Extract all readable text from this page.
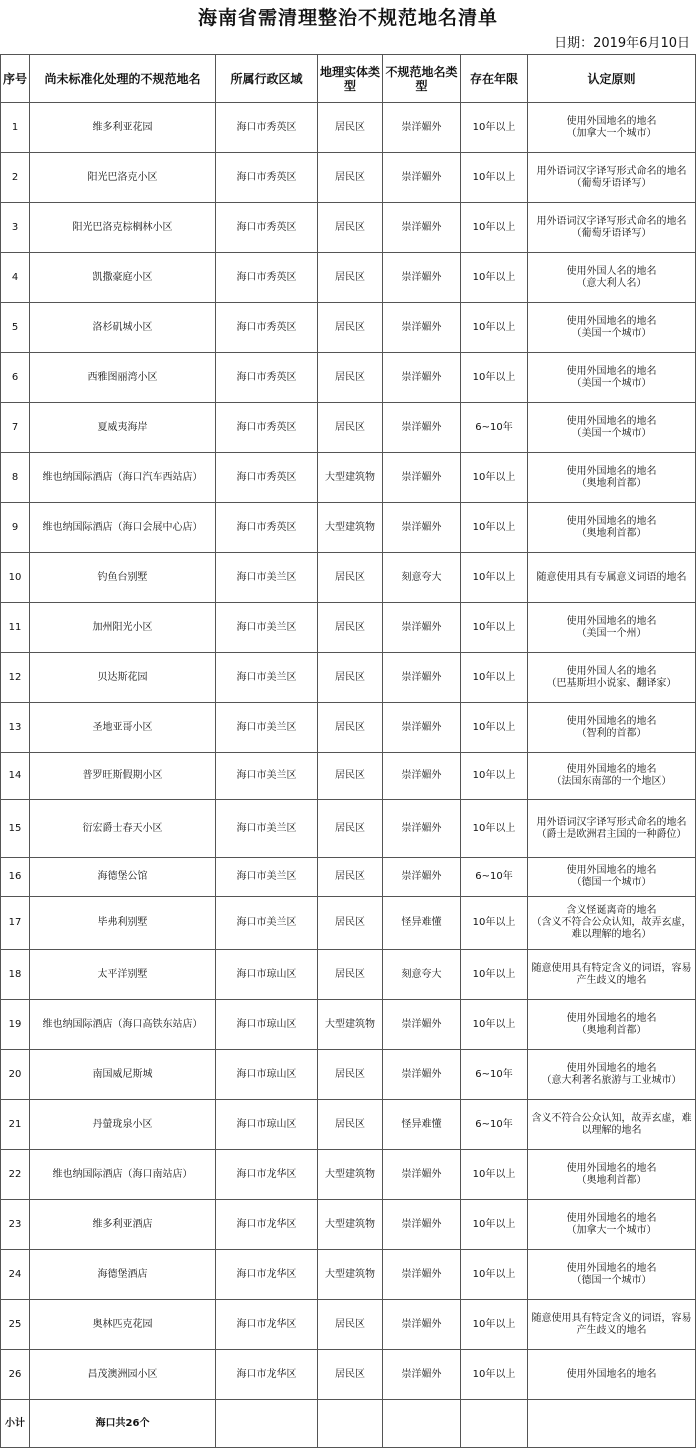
海南省需清理整治不规范地名清单
日期：2019年6月10日
序号	尚未标准化处理的不规范地名	所属行政区域	地理实体类型	不规范地名类型	存在年限	认定原则
1	维多利亚花园	海口市秀英区	居民区	崇洋媚外	10年以上	使用外国地名的地名
（加拿大一个城市）
2	阳光巴洛克小区	海口市秀英区	居民区	崇洋媚外	10年以上	用外语词汉字译写形式命名的地名（葡萄牙语译写）
3	阳光巴洛克棕榈林小区	海口市秀英区	居民区	崇洋媚外	10年以上	用外语词汉字译写形式命名的地名（葡萄牙语译写）
4	凯撒豪庭小区	海口市秀英区	居民区	崇洋媚外	10年以上	使用外国人名的地名
（意大利人名）
5	洛杉矶城小区	海口市秀英区	居民区	崇洋媚外	10年以上	使用外国地名的地名
（美国一个城市）
6	西雅图丽湾小区	海口市秀英区	居民区	崇洋媚外	10年以上	使用外国地名的地名
（美国一个城市）
7	夏威夷海岸	海口市秀英区	居民区	崇洋媚外	6~10年	使用外国地名的地名
（美国一个城市）
8	维也纳国际酒店（海口汽车西站店）	海口市秀英区	大型建筑物	崇洋媚外	10年以上	使用外国地名的地名
（奥地利首都）
9	维也纳国际酒店（海口会展中心店）	海口市秀英区	大型建筑物	崇洋媚外	10年以上	使用外国地名的地名
（奥地利首都）
10	钓鱼台别墅	海口市美兰区	居民区	刻意夸大	10年以上	随意使用具有专属意义词语的地名
11	加州阳光小区	海口市美兰区	居民区	崇洋媚外	10年以上	使用外国地名的地名
（美国一个州）
12	贝达斯花园	海口市美兰区	居民区	崇洋媚外	10年以上	使用外国人名的地名
（巴基斯坦小说家、翻译家）
13	圣地亚哥小区	海口市美兰区	居民区	崇洋媚外	10年以上	使用外国地名的地名
（智利的首都）
14	普罗旺斯假期小区	海口市美兰区	居民区	崇洋媚外	10年以上	使用外国地名的地名
（法国东南部的一个地区）
15	衍宏爵士春天小区	海口市美兰区	居民区	崇洋媚外	10年以上	用外语词汉字译写形式命名的地名
（爵士是欧洲君主国的一种爵位）
16	海德堡公馆	海口市美兰区	居民区	崇洋媚外	6~10年	使用外国地名的地名
（德国一个城市）
17	毕弗利别墅	海口市美兰区	居民区	怪异难懂	10年以上	含义怪诞离奇的地名
（含义不符合公众认知，故弄玄虚，难以理解的地名）
18	太平洋别墅	海口市琼山区	居民区	刻意夸大	10年以上	随意使用具有特定含义的词语，容易产生歧义的地名
19	维也纳国际酒店（海口高铁东站店）	海口市琼山区	大型建筑物	崇洋媚外	10年以上	使用外国地名的地名
（奥地利首都）
20	南国威尼斯城	海口市琼山区	居民区	崇洋媚外	6~10年	使用外国地名的地名
（意大利著名旅游与工业城市）
21	丹螢珑泉小区	海口市琼山区	居民区	怪异难懂	6~10年	含义不符合公众认知，故弄玄虚，难以理解的地名
22	维也纳国际酒店（海口南站店）	海口市龙华区	大型建筑物	崇洋媚外	10年以上	使用外国地名的地名
（奥地利首都）
23	维多利亚酒店	海口市龙华区	大型建筑物	崇洋媚外	10年以上	使用外国地名的地名
（加拿大一个城市）
24	海德堡酒店	海口市龙华区	大型建筑物	崇洋媚外	10年以上	使用外国地名的地名
（德国一个城市）
25	奥林匹克花园	海口市龙华区	居民区	崇洋媚外	10年以上	随意使用具有特定含义的词语，容易产生歧义的地名
26	昌茂澳洲园小区	海口市龙华区	居民区	崇洋媚外	10年以上	使用外国地名的地名
小计	海口共26个					
